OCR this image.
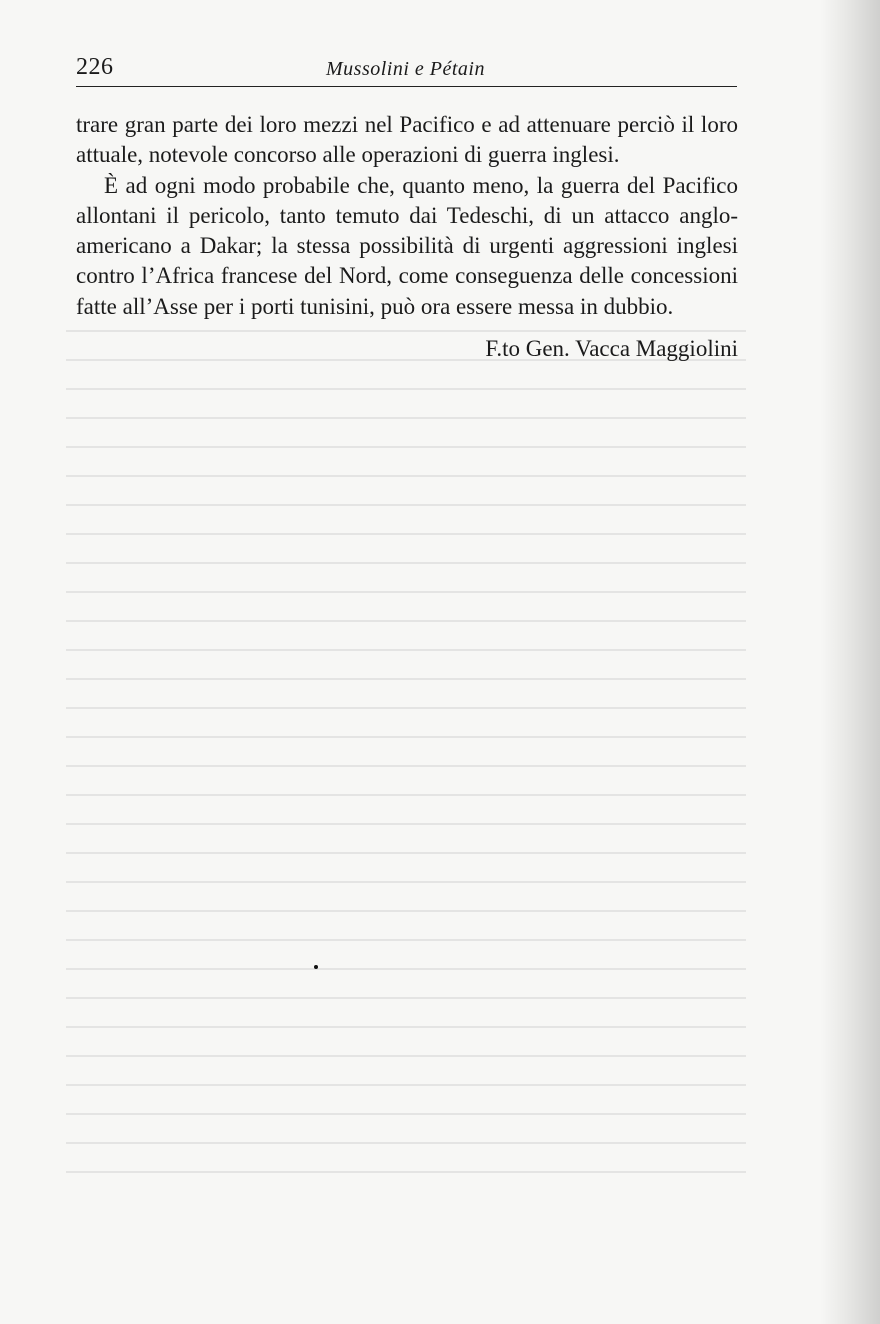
226	Mussolini e Pétain

trare gran parte dei loro mezzi nel Pacifico e ad attenuare perciò il loro attuale, notevole concorso alle operazioni di guerra inglesi.

È ad ogni modo probabile che, quanto meno, la guerra del Pacifico allontani il pericolo, tanto temuto dai Tedeschi, di un attacco anglo-americano a Dakar; la stessa possibilità di urgenti aggressioni inglesi contro l’Africa francese del Nord, come conseguenza delle concessioni fatte all’Asse per i porti tunisini, può ora essere messa in dubbio.

F.to Gen. Vacca Maggiolini
